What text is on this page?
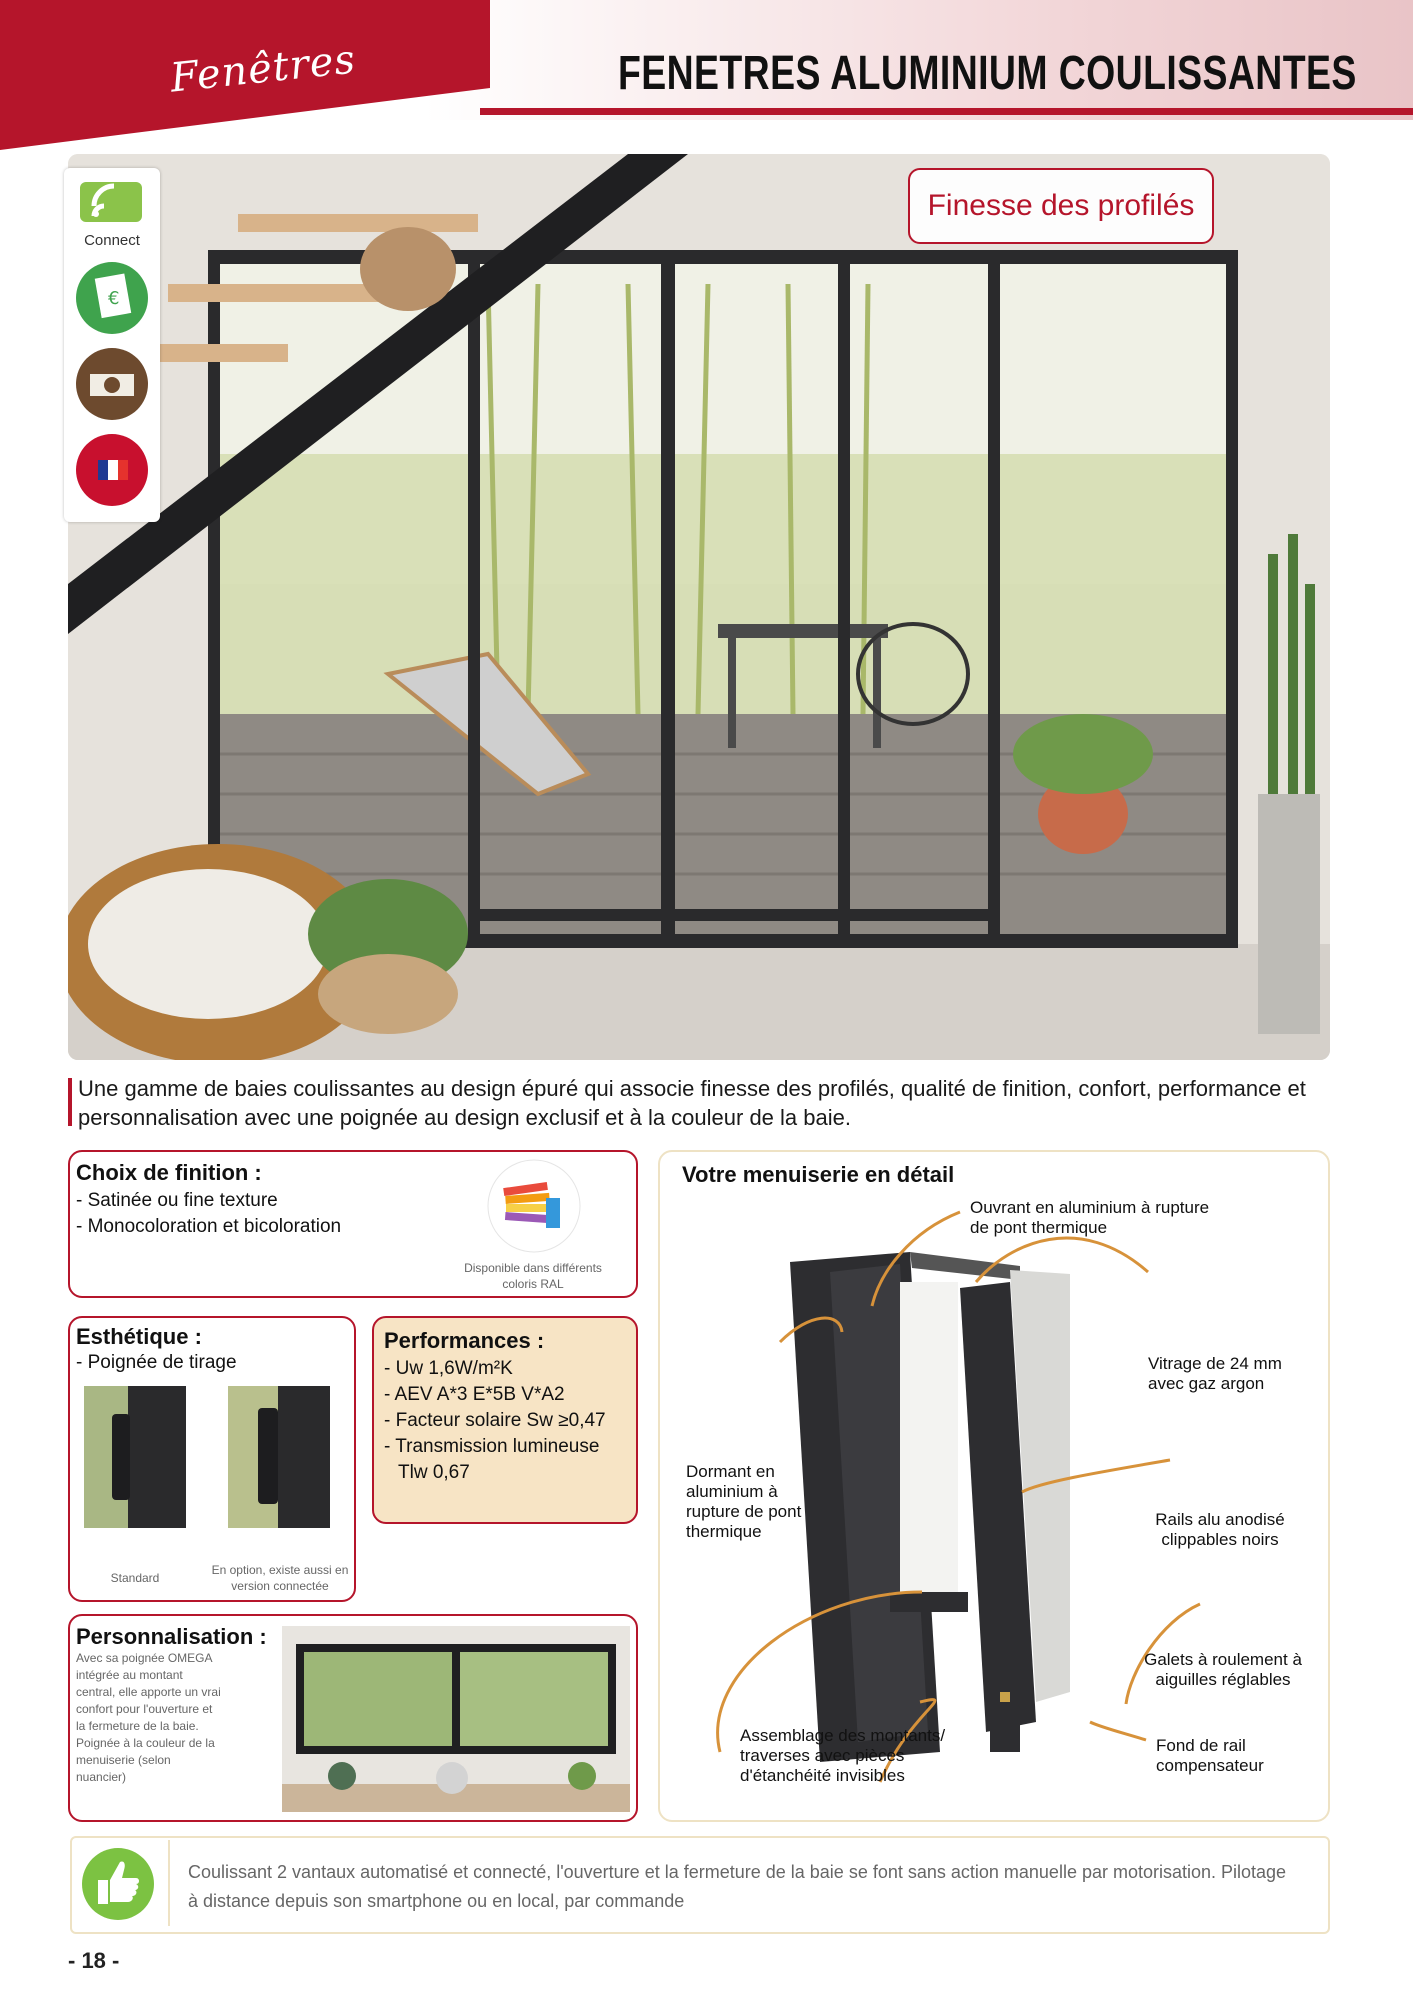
Fenêtres	FENETRES ALUMINIUM COULISSANTES
Connect
€
Finesse des profilés
Une gamme de baies coulissantes au design épuré qui associe finesse des profilés, qualité de finition, confort, performance et personnalisation avec une poignée au design exclusif et à la couleur de la baie.
Choix de finition :
- Satinée ou fine texture
- Monocoloration et bicoloration
Disponible dans différents coloris RAL
Esthétique :
- Poignée de tirage
Standard
En option, existe aussi en version connectée
Performances :
- Uw 1,6W/m²K
- AEV A*3 E*5B V*A2
- Facteur solaire Sw ≥0,47
- Transmission lumineuse
Tlw 0,67
Personnalisation :
Avec sa poignée OMEGA intégrée au montant central, elle apporte un vrai confort pour l'ouverture et la fermeture de la baie. Poignée à la couleur de la menuiserie (selon nuancier)
Votre menuiserie en détail
Ouvrant en aluminium à rupture de pont thermique
Vitrage de 24 mm avec gaz argon
Dormant en aluminium à rupture de pont thermique
Rails alu anodisé clippables noirs
Galets à roulement à aiguilles réglables
Assemblage des montants/ traverses avec pièces d'étanchéité invisibles
Fond de rail compensateur
Coulissant 2 vantaux automatisé et connecté, l'ouverture et la fermeture de la baie se font sans action manuelle par motorisation. Pilotage à distance depuis son smartphone ou en local, par commande
- 18 -
